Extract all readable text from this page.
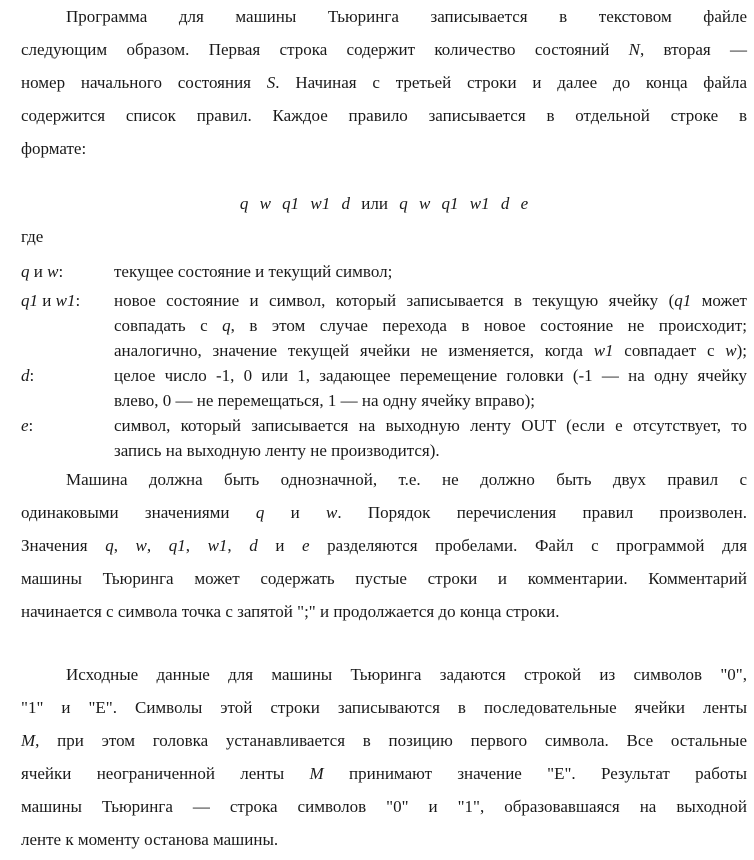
Программа для машины Тьюринга записывается в текстовом файле
следующим образом. Первая строка содержит количество состояний N, вторая —
номер начального состояния S. Начиная с третьей строки и далее до конца файла
содержится список правил. Каждое правило записывается в отдельной строке в
формате:
q w q1 w1 d или q w q1 w1 d e
где
q и w:	текущее состояние и текущий символ;
q1 и w1: новое состояние и символ, который записывается в текущую ячейку (q1 может
совпадать с q, в этом случае перехода в новое состояние не происходит;
аналогично, значение текущей ячейки не изменяется, когда w1 совпадает с w);
d:	целое число -1, 0 или 1, задающее перемещение головки (-1 — на одну ячейку
влево, 0 — не перемещаться, 1 — на одну ячейку вправо);
e:	символ, который записывается на выходную ленту OUT (если е отсутствует, то
запись на выходную ленту не производится).
Машина должна быть однозначной, т.е. не должно быть двух правил с
одинаковыми значениями q и w. Порядок перечисления правил произволен.
Значения q, w, q1, w1, d и e разделяются пробелами. Файл с программой для
машины Тьюринга может содержать пустые строки и комментарии. Комментарий
начинается с символа точка с запятой ";" и продолжается до конца строки.
Исходные данные для машины Тьюринга задаются строкой из символов "0",
"1" и "Е". Символы этой строки записываются в последовательные ячейки ленты
М, при этом головка устанавливается в позицию первого символа. Все остальные
ячейки неограниченной ленты М принимают значение "Е". Результат работы
машины Тьюринга — строка символов "0" и "1", образовавшаяся на выходной
ленте к моменту останова машины.
